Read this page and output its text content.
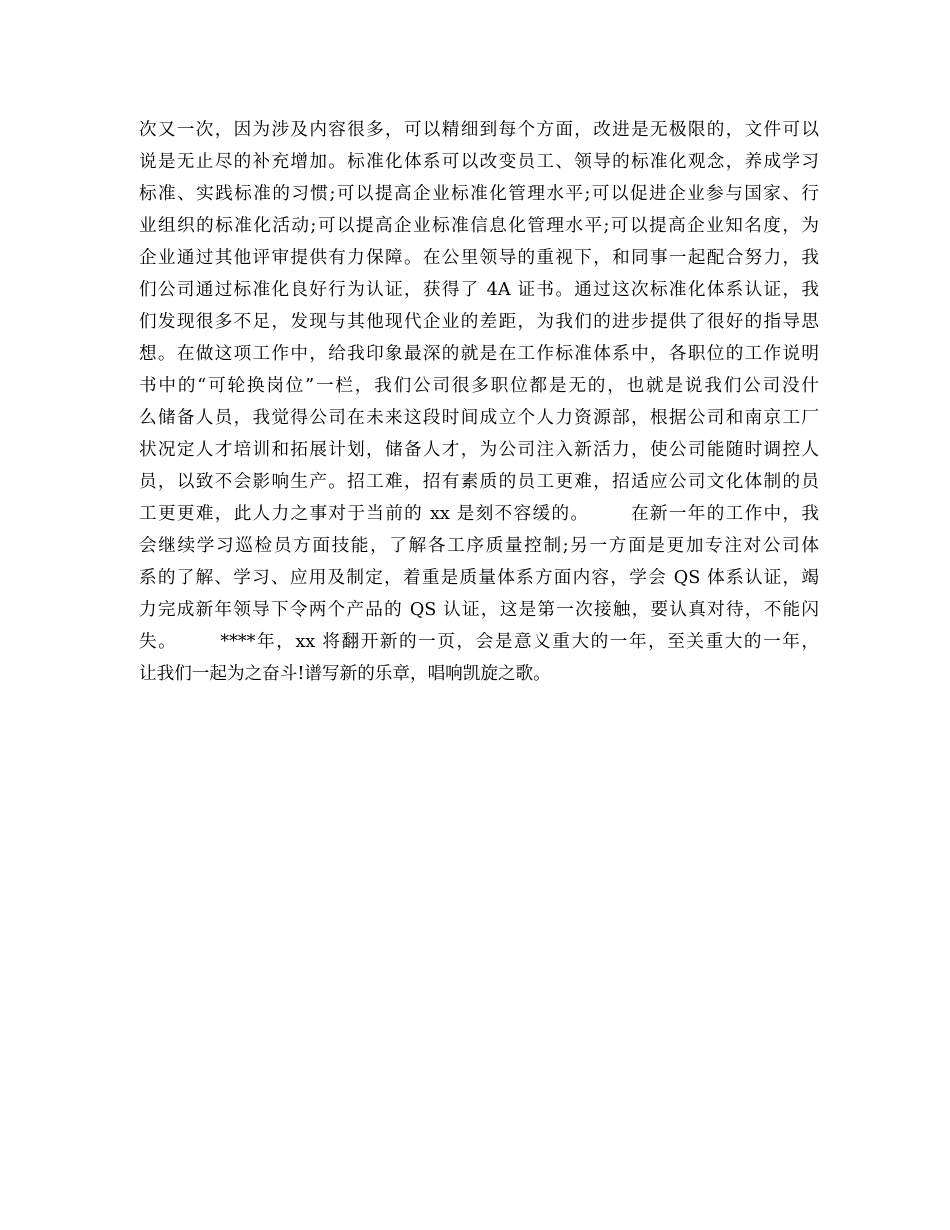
次又一次，因为涉及内容很多，可以精细到每个方面，改进是无极限的，文件可以
说是无止尽的补充增加。标准化体系可以改变员工、领导的标准化观念，养成学习
标准、实践标准的习惯;可以提高企业标准化管理水平;可以促进企业参与国家、行
业组织的标准化活动;可以提高企业标准信息化管理水平;可以提高企业知名度，为
企业通过其他评审提供有力保障。在公里领导的重视下，和同事一起配合努力，我
们公司通过标准化良好行为认证，获得了 4A 证书。通过这次标准化体系认证，我
们发现很多不足，发现与其他现代企业的差距，为我们的进步提供了很好的指导思
想。在做这项工作中，给我印象最深的就是在工作标准体系中，各职位的工作说明
书中的“可轮换岗位”一栏，我们公司很多职位都是无的，也就是说我们公司没什
么储备人员，我觉得公司在未来这段时间成立个人力资源部，根据公司和南京工厂
状况定人才培训和拓展计划，储备人才，为公司注入新活力，使公司能随时调控人
员，以致不会影响生产。招工难，招有素质的员工更难，招适应公司文化体制的员
工更更难，此人力之事对于当前的 xx 是刻不容缓的。      在新一年的工作中，我
会继续学习巡检员方面技能，了解各工序质量控制;另一方面是更加专注对公司体
系的了解、学习、应用及制定，着重是质量体系方面内容，学会 QS 体系认证，竭
力完成新年领导下令两个产品的 QS 认证，这是第一次接触，要认真对待，不能闪
失。      ****年，xx 将翻开新的一页，会是意义重大的一年，至关重大的一年，
让我们一起为之奋斗!谱写新的乐章，唱响凯旋之歌。
